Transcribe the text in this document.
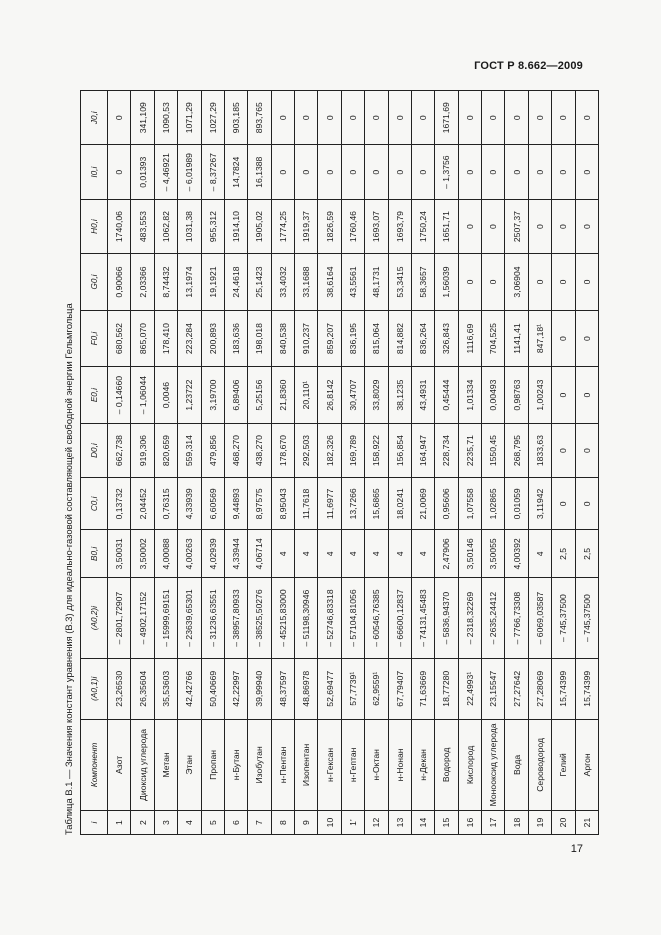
ГОСТ Р 8.662—2009
Таблица В.1 — Значения констант уравнения (В.3) для идеально-газовой составляющей свободной энергии Гельмгольца	i	Компонент	(A0,1)i	(A0,2)i	B0,i	C0,i	D0,i	E0,i	F0,i	G0,i	H0,i	I0,i	J0,i
1	Азот	23,26530	– 2801,72907	3,50031	0,13732	662,738	– 0,14660	680,562	0,90066	1740,06	0	0
2	Диоксид углерода	26,35604	– 4902,17152	3,50002	2,04452	919,306	– 1,06044	865,070	2,03366	483,553	0,01393	341,109
3	Метан	35,53603	– 15999,69151	4,00088	0,76315	820,659	0,0046	178,410	8,74432	1062,82	– 4,46921	1090,53
4	Этан	42,42766	– 23639,65301	4,00263	4,33939	559,314	1,23722	223,284	13,1974	1031,38	– 6,01989	1071,29
5	Пропан	50,40669	– 31236,63551	4,02939	6,60569	479,856	3,19700	200,893	19,1921	955,312	– 8,37267	1027,29
6	н-Бутан	42,22997	– 38957,80933	4,33944	9,44893	468,270	6,89406	183,636	24,4618	1914,10	14,7824	903,185
7	Изобутан	39,99940	– 38525,50276	4,06714	8,97575	438,270	5,25156	198,018	25,1423	1905,02	16,1388	893,765
8	н-Пентан	48,37597	– 45215,83000	4	8,95043	178,670	21,8360	840,538	33,4032	1774,25	0	0
9	Изопентан	48,86978	– 51198,30946	4	11,7618	292,503	20,110¹	910,237	33,1688	1919,37	0	0
10	н-Гексан	52,69477	– 52746,83318	4	11,6977	182,326	26,8142	859,207	38,6164	1826,59	0	0
1’	н-Гептан	57,7739¹	– 57104,81056	4	13,7266	169,789	30,4707	836,195	43,5561	1760,46	0	0
12	н-Октан	62,9559¹	– 60546,76385	4	15,6865	158,922	33,8029	815,064	48,1731	1693,07	0	0
13	н-Нонан	67,79407	– 66600,12837	4	18,0241	156,854	38,1235	814,882	53,3415	1693,79	0	0
14	н-Декан	71,63669	– 74131,45483	4	21,0069	164,947	43,4931	836,264	58,3657	1750,24	0	0
15	Водород	18,77280	– 5836,94370	2,47906	0,95606	228,734	0,45444	326,843	1,56039	1651,71	– 1,3756	1671,69
16	Кислород	22,4993¹	– 2318,32269	3,50146	1,07558	2235,71	1,01334	1116,69	0	0	0	0
17	Монооксид углерода	23,15547	– 2635,24412	3,50055	1,02865	1550,45	0,00493	704,525	0	0	0	0
18	Вода	27,27642	– 7766,73308	4,00392	0,01059	268,795	0,98763	1141,41	3,06904	2507,37	0	0
19	Сероводород	27,28069	– 6069,03587	4	3,11942	1833,63	1,00243	847,18¹	0	0	0	0
20	Гелий	15,74399	– 745,37500	2,5	0	0	0	0	0	0	0	0
21	Аргон	15,74399	– 745,37500	2,5	0	0	0	0	0	0	0	0
17
